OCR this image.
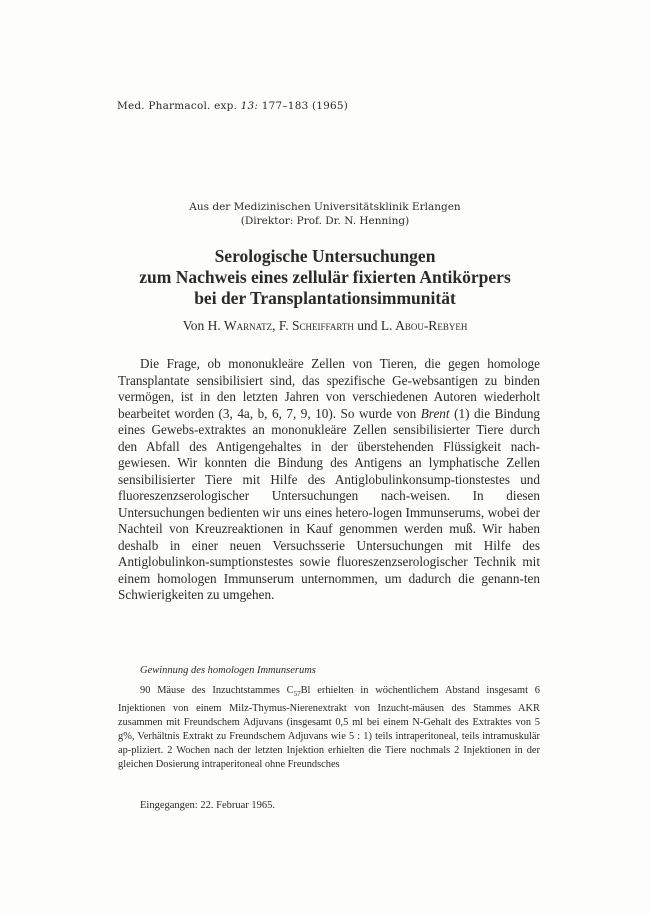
Med. Pharmacol. exp. 13: 177–183 (1965)
Aus der Medizinischen Universitätsklinik Erlangen
(Direktor: Prof. Dr. N. Henning)
Serologische Untersuchungen
zum Nachweis eines zellulär fixierten Antikörpers
bei der Transplantationsimmunität
Von H. Warnatz, F. Scheiffarth und L. Abou-Rebyeh
Die Frage, ob mononukleäre Zellen von Tieren, die gegen homologe Transplantate sensibilisiert sind, das spezifische Ge-websantigen zu binden vermögen, ist in den letzten Jahren von verschiedenen Autoren wiederholt bearbeitet worden (3, 4a, b, 6, 7, 9, 10). So wurde von Brent (1) die Bindung eines Gewebs-extraktes an mononukleäre Zellen sensibilisierter Tiere durch den Abfall des Antigengehaltes in der überstehenden Flüssigkeit nach-gewiesen. Wir konnten die Bindung des Antigens an lymphatische Zellen sensibilisierter Tiere mit Hilfe des Antiglobulinkonsump-tionstestes und fluoreszenzserologischer Untersuchungen nach-weisen. In diesen Untersuchungen bedienten wir uns eines hetero-logen Immunserums, wobei der Nachteil von Kreuzreaktionen in Kauf genommen werden muß. Wir haben deshalb in einer neuen Versuchsserie Untersuchungen mit Hilfe des Antiglobulinkon-sumptionstestes sowie fluoreszenzserologischer Technik mit einem homologen Immunserum unternommen, um dadurch die genann-ten Schwierigkeiten zu umgehen.
Gewinnung des homologen Immunserums
90 Mäuse des Inzuchtstammes $C_{57}Bl$ erhielten in wöchentlichem Abstand insgesamt 6 Injektionen von einem Milz-Thymus-Nierenextrakt von Inzucht-mäusen des Stammes AKR zusammen mit Freundschem Adjuvans (insgesamt 0,5 ml bei einem N-Gehalt des Extraktes von 5 g%, Verhältnis Extrakt zu Freundschem Adjuvans wie 5 : 1) teils intraperitoneal, teils intramuskulär ap-pliziert. 2 Wochen nach der letzten Injektion erhielten die Tiere nochmals 2 Injektionen in der gleichen Dosierung intraperitoneal ohne Freundsches
Eingegangen: 22. Februar 1965.
